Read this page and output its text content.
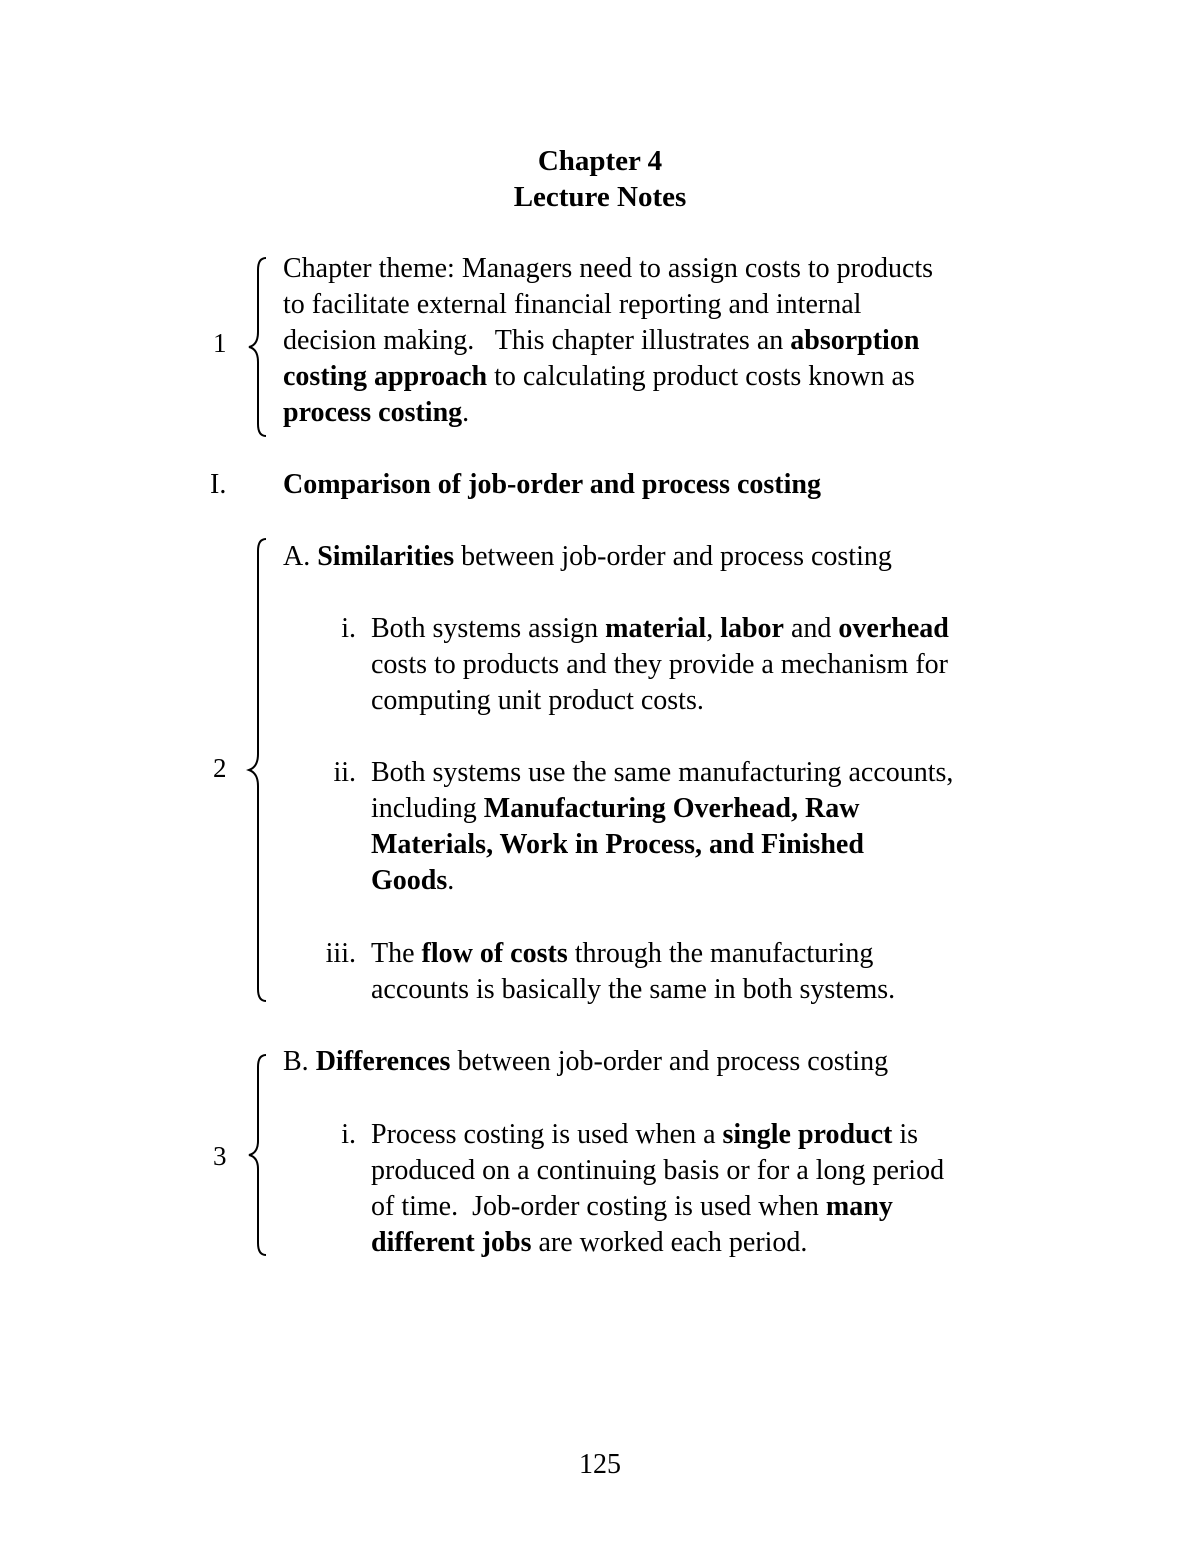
Chapter 4
Lecture Notes
1
Chapter theme: Managers need to assign costs to products
to facilitate external financial reporting and internal
decision making.   This chapter illustrates an absorption
costing approach to calculating product costs known as
process costing.
I. Comparison of job-order and process costing
2
A. Similarities between job-order and process costing
i. Both systems assign material, labor and overhead
costs to products and they provide a mechanism for
computing unit product costs.
ii. Both systems use the same manufacturing accounts,
including Manufacturing Overhead, Raw
Materials, Work in Process, and Finished
Goods.
iii. The flow of costs through the manufacturing
accounts is basically the same in both systems.
3
B. Differences between job-order and process costing
i. Process costing is used when a single product is
produced on a continuing basis or for a long period
of time.  Job-order costing is used when many
different jobs are worked each period.
125
